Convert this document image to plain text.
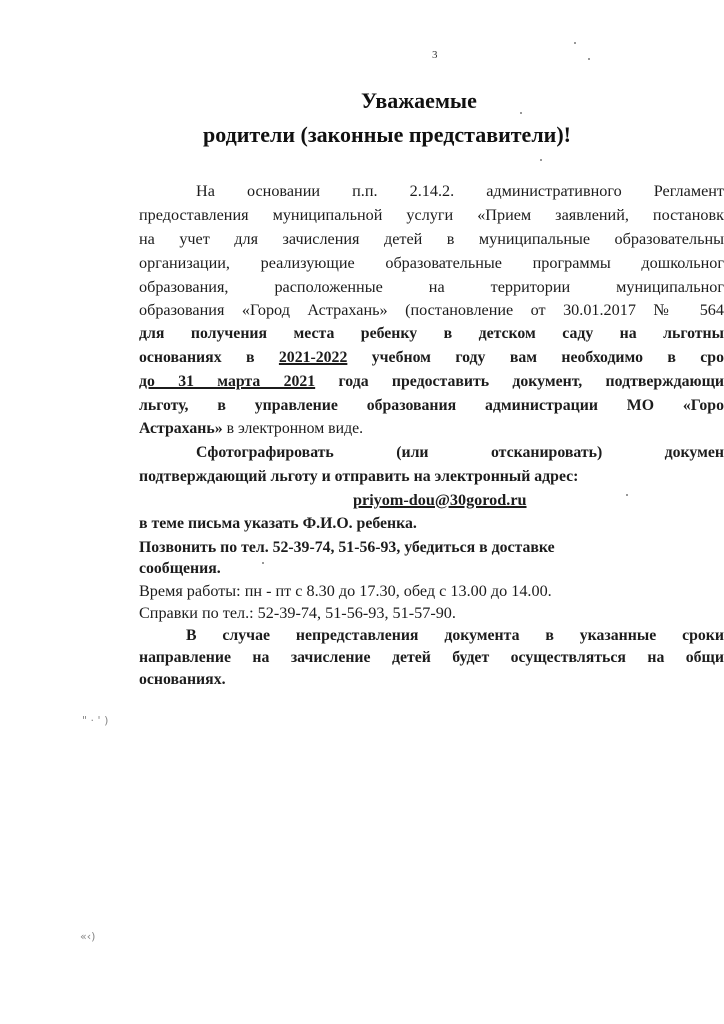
3
Уважаемые
родители (законные представители)!
На основании п.п. 2.14.2. административного Регламент
предоставления муниципальной услуги «Прием заявлений, постановк
на учет для зачисления детей в муниципальные образовательны
организации, реализующие образовательные программы дошкольног
образования, расположенные на территории муниципальног
образования «Город Астрахань» (постановление от 30.01.2017 № 564
для получения места ребенку в детском саду на льготны
основаниях в 2021-2022 учебном году вам необходимо в сро
до 31 марта 2021 года предоставить документ, подтверждающи
льготу, в управление образования администрации МО «Горо
Астрахань» в электронном виде.
Сфотографировать (или отсканировать) докумен
подтверждающий льготу и отправить на электронный адрес:
priyom-dou@30gorod.ru
в теме письма указать Ф.И.О. ребенка.
Позвонить по тел. 52-39-74, 51-56-93, убедиться в доставке
сообщения.
Время работы: пн - пт с 8.30 до 17.30, обед с 13.00 до 14.00.
Справки по тел.: 52-39-74, 51-56-93, 51-57-90.
В случае непредставления документа в указанные сроки
направление на зачисление детей будет осуществляться на общи
основаниях.
" · ' )
«‹)
